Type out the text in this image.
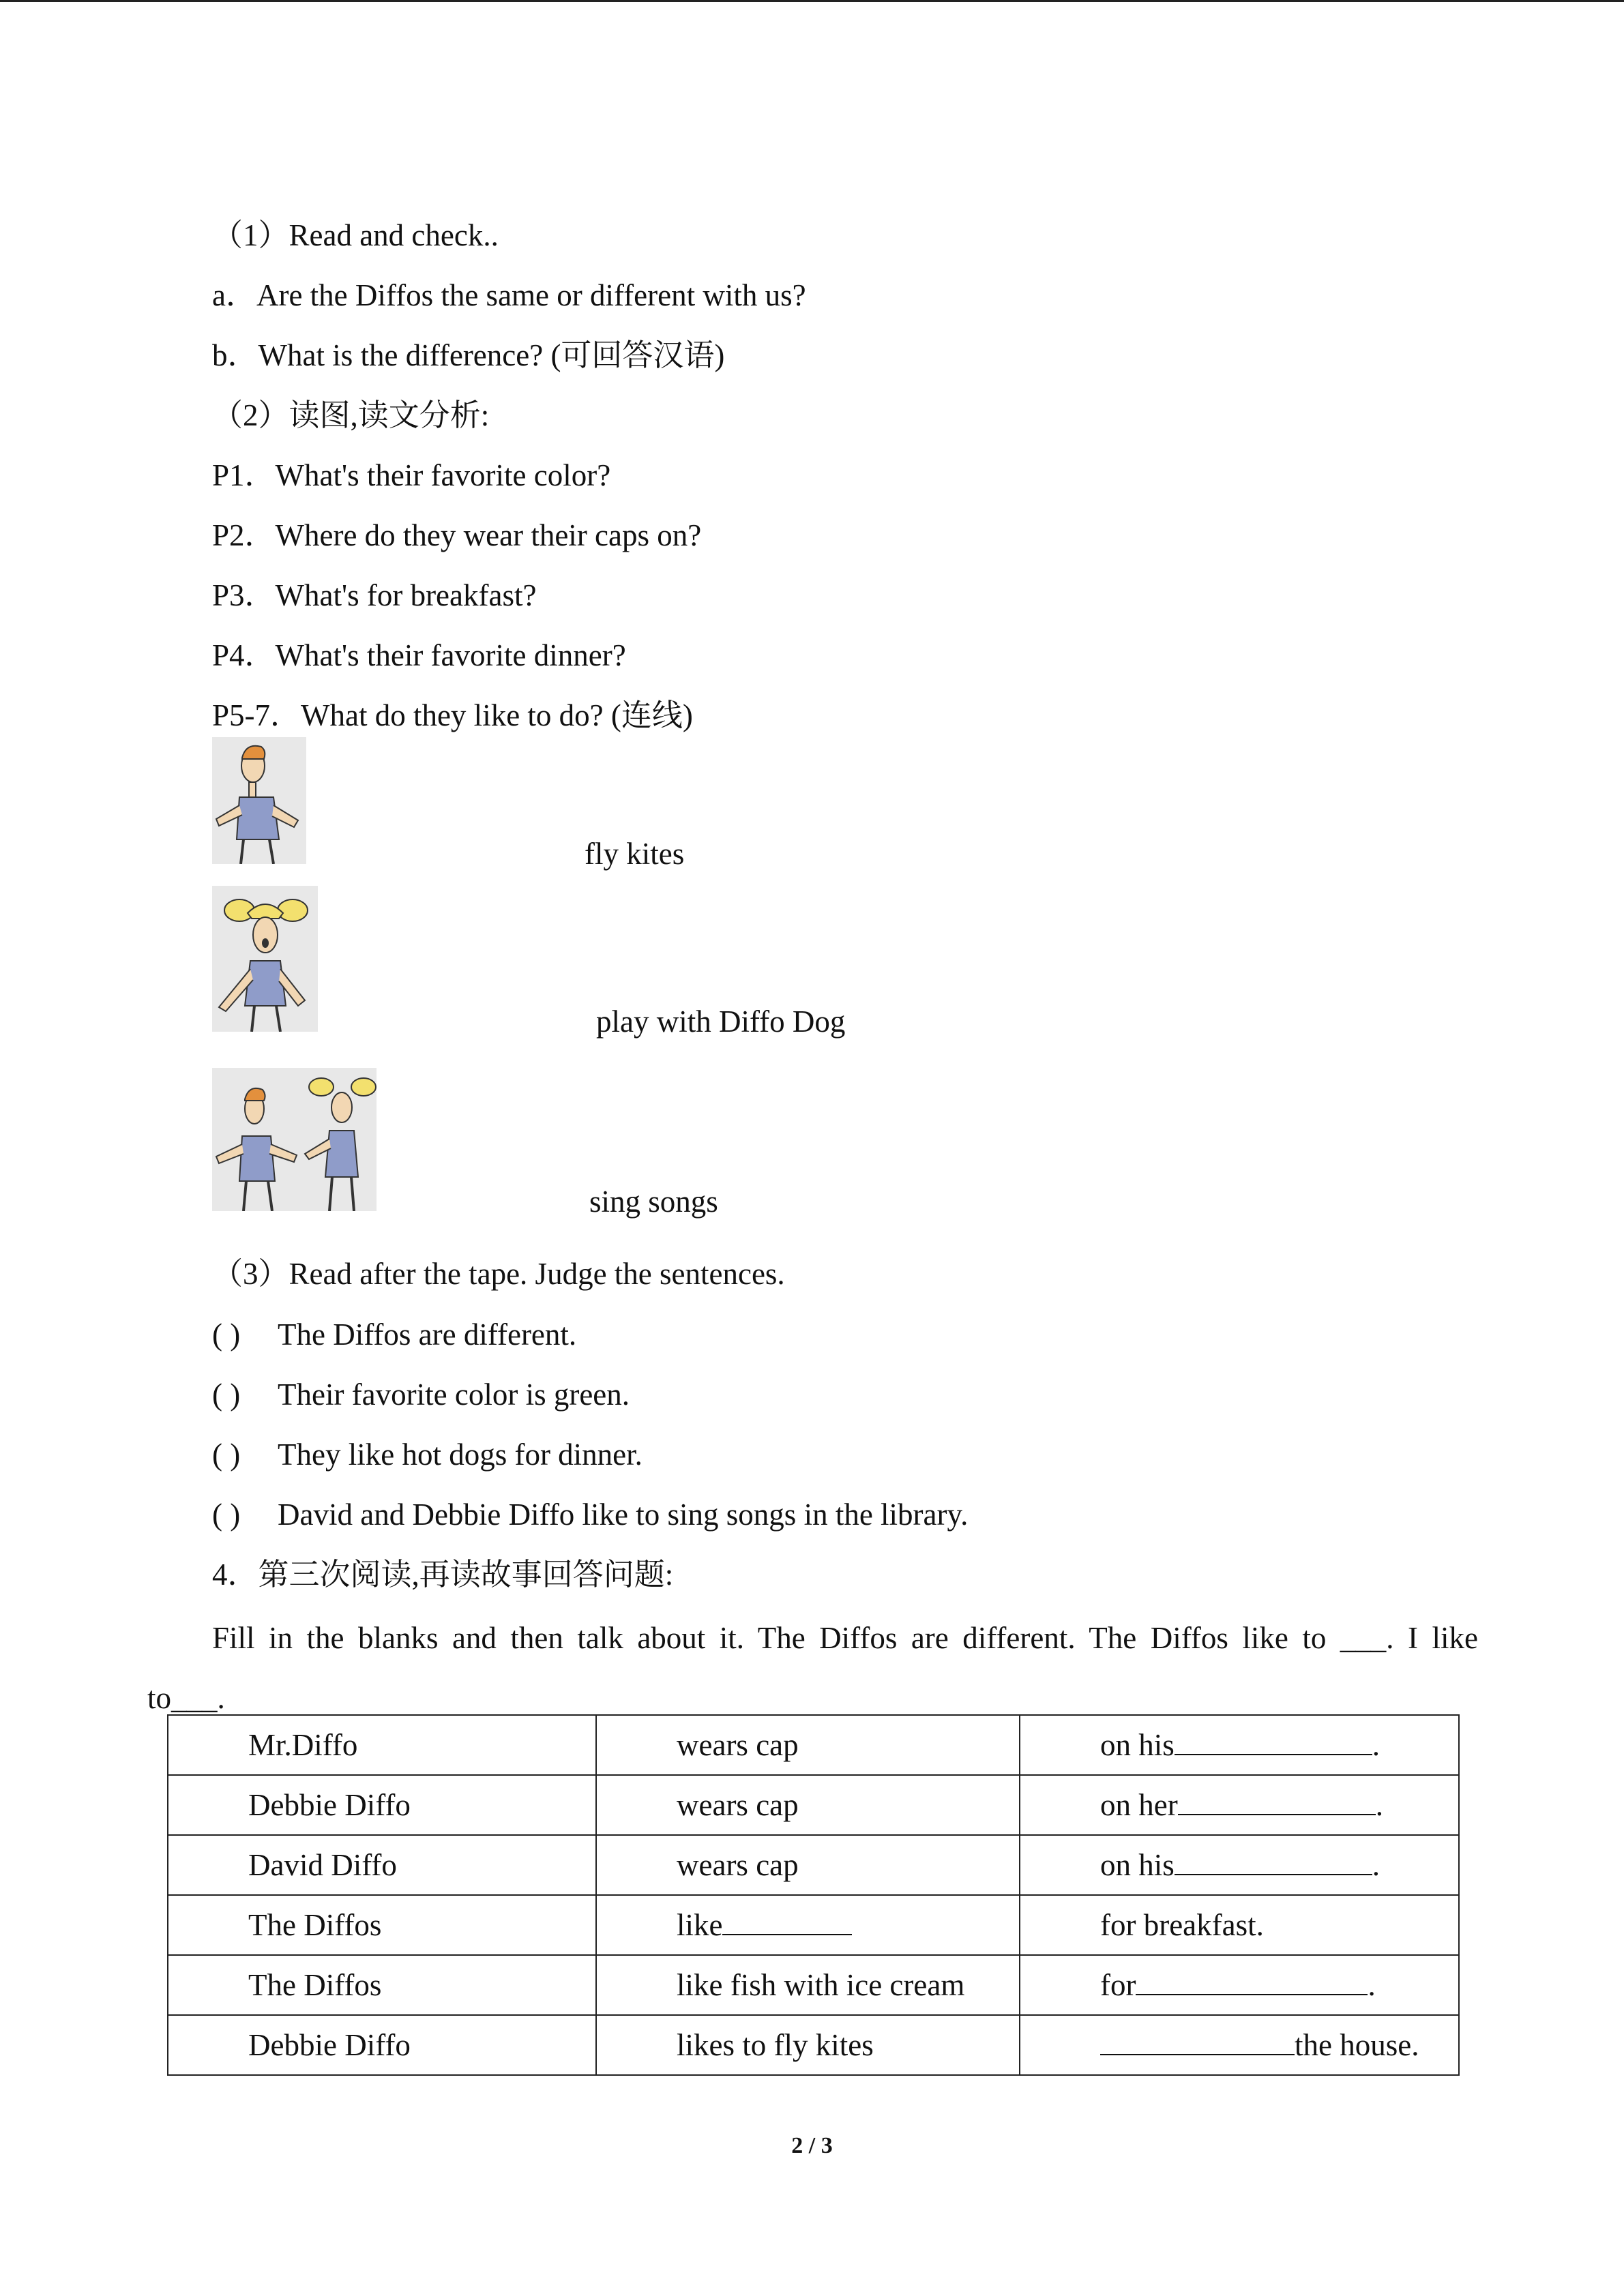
（1）Read and check..
a．Are the Diffos the same or different with us?
b．What is the difference? (可回答汉语)
（2）读图,读文分析:
P1．What's their favorite color?
P2．Where do they wear their caps on?
P3．What's for breakfast?
P4．What's their favorite dinner?
P5-7．What do they like to do? (连线)
fly kites
play with Diffo Dog
sing songs
（3）Read after the tape. Judge the sentences.
( ) The Diffos are different.
( ) Their favorite color is green.
( ) They like hot dogs for dinner.
( ) David and Debbie Diffo like to sing songs in the library.
4．第三次阅读,再读故事回答问题:
Fill in the blanks and then talk about it. The Diffos are different. The Diffos like to ___. I like
to___.
Mr.Diffo	wears cap	on his .
Debbie Diffo	wears cap	on her .
David Diffo	wears cap	on his .
The Diffos	like	for breakfast.
The Diffos	like fish with ice cream	for .
Debbie Diffo	likes to fly kites	the house.
2 / 3
